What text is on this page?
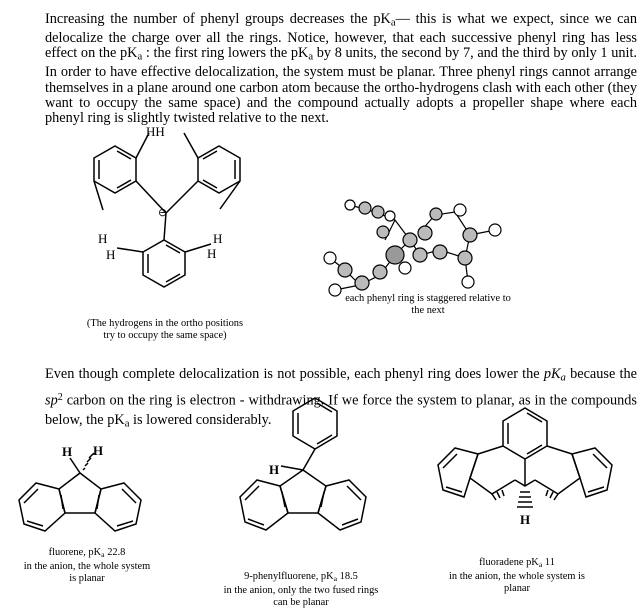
Increasing the number of phenyl groups decreases the $pK_a—$ this is what we expect, since we can delocalize the charge over all the rings. Notice, however, that each successive phenyl ring has less effect on the $pK_a$ : the first ring lowers the $pK_a$ by 8 units, the second by 7, and the third by only 1 unit. In order to have effective delocalization, the system must be planar. Three phenyl rings cannot arrange themselves in a plane around one carbon atom because the ortho-hydrogens clash with each other (they want to occupy the same space) and the compound actually adopts a propeller shape where each phenyl ring is slightly twisted relative to the next.
⊖
HH
H
H
H
H
H H
H
H
(The hydrogens in the ortho positions try to occupy the same space)
each phenyl ring is staggered relative to the next
Even though complete delocalization is not possible, each phenyl ring does lower the $pK_a$ because the $sp^2$ carbon on the ring is electron - withdrawing. If we force the system to planar, as in the compounds below, the $pK_a$ is lowered considerably.
fluorene, $pK_a$ 22.8
in the anion, the whole system is planar	9-phenylfluorene, $pK_a$ 18.5
in the anion, only the two fused rings can be planar
fluoradene $pK_a$ 11
in the anion, the whole system is planar
